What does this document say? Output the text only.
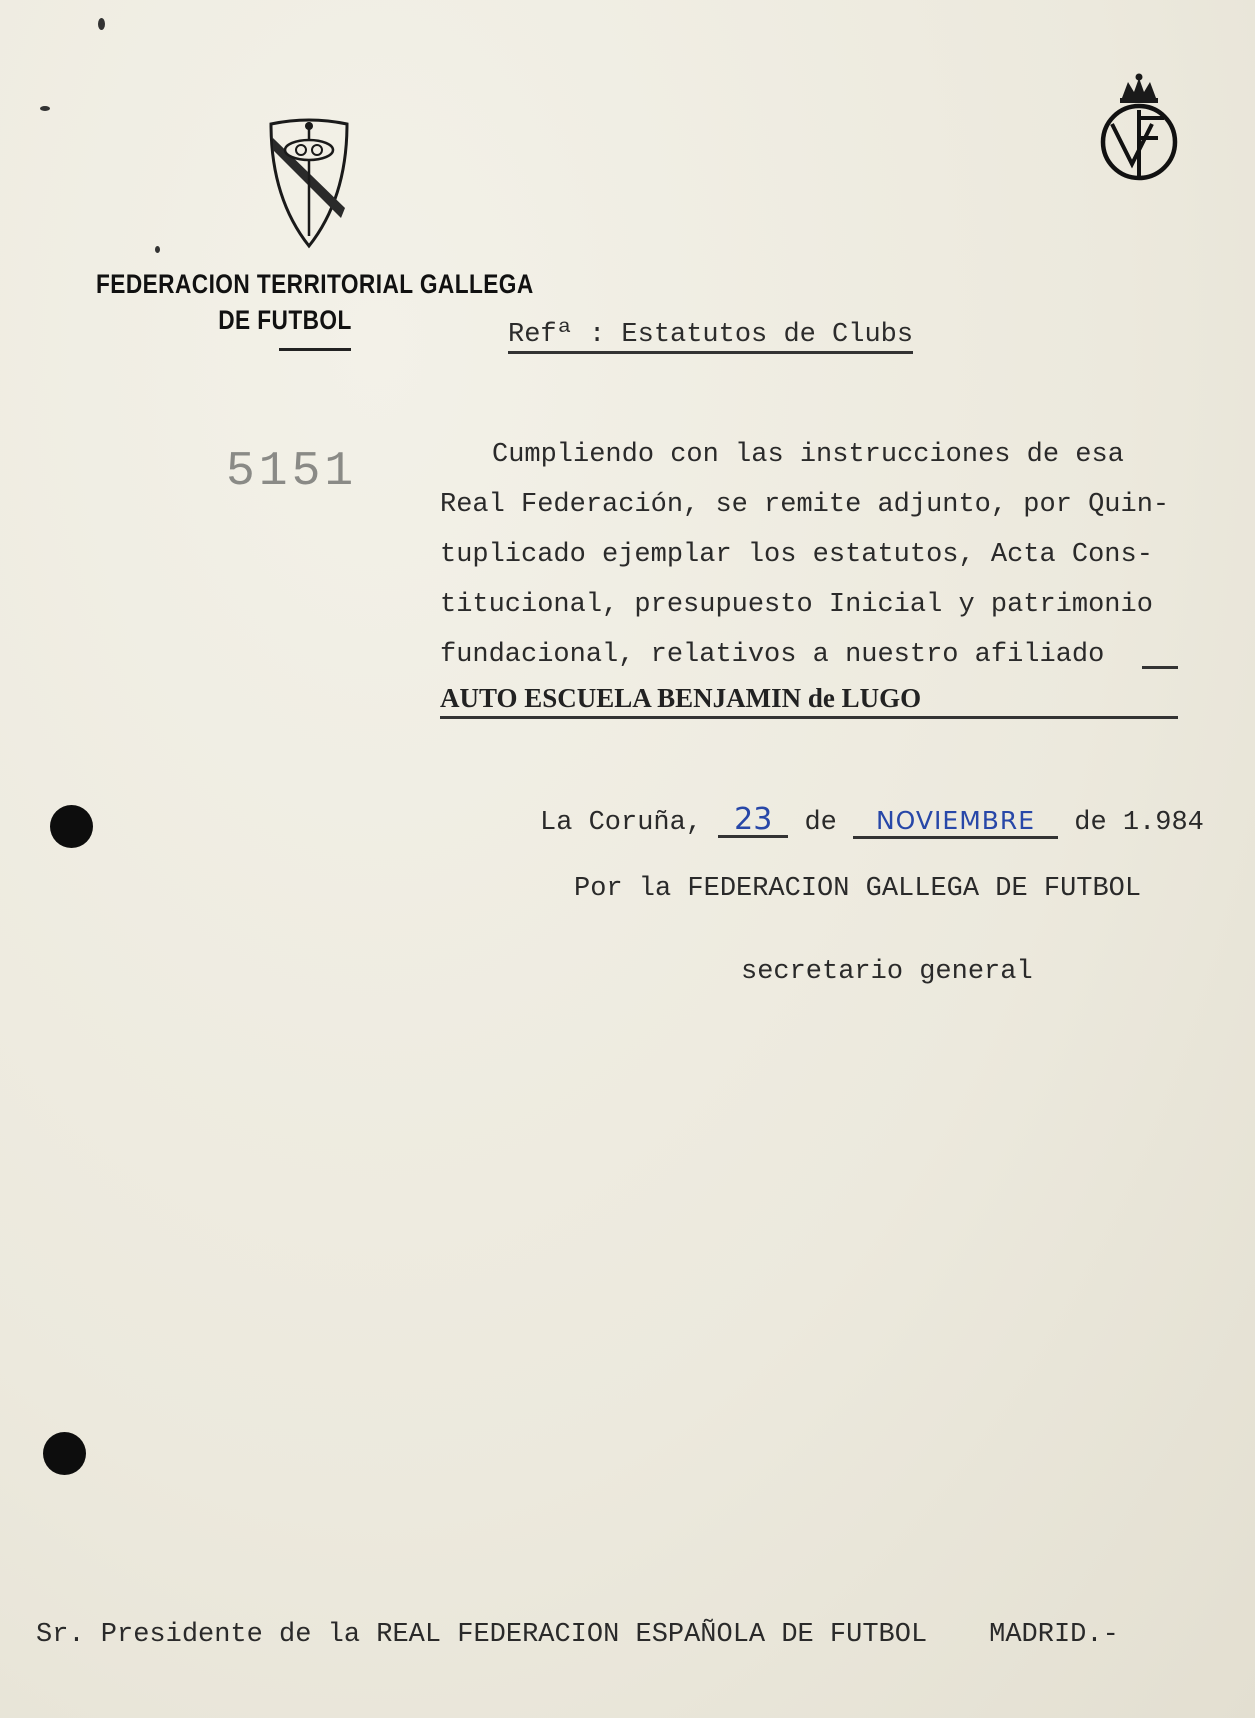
FEDERACION TERRITORIAL GALLEGA
DE FUTBOL	Refª : Estatutos de Clubs
5151	Cumpliendo con las instrucciones de esa
Real Federación, se remite adjunto, por Quin-
tuplicado ejemplar los estatutos, Acta Cons-
titucional, presupuesto Inicial y patrimonio
fundacional, relativos a nuestro afiliado
AUTO ESCUELA BENJAMIN de LUGO
La Coruña, 23 de NOVIEMBRE de 1.984
Por la FEDERACION GALLEGA DE FUTBOL
secretario general

Sr. Presidente de la REAL FEDERACION ESPAÑOLA DE FUTBOL MADRID.-
